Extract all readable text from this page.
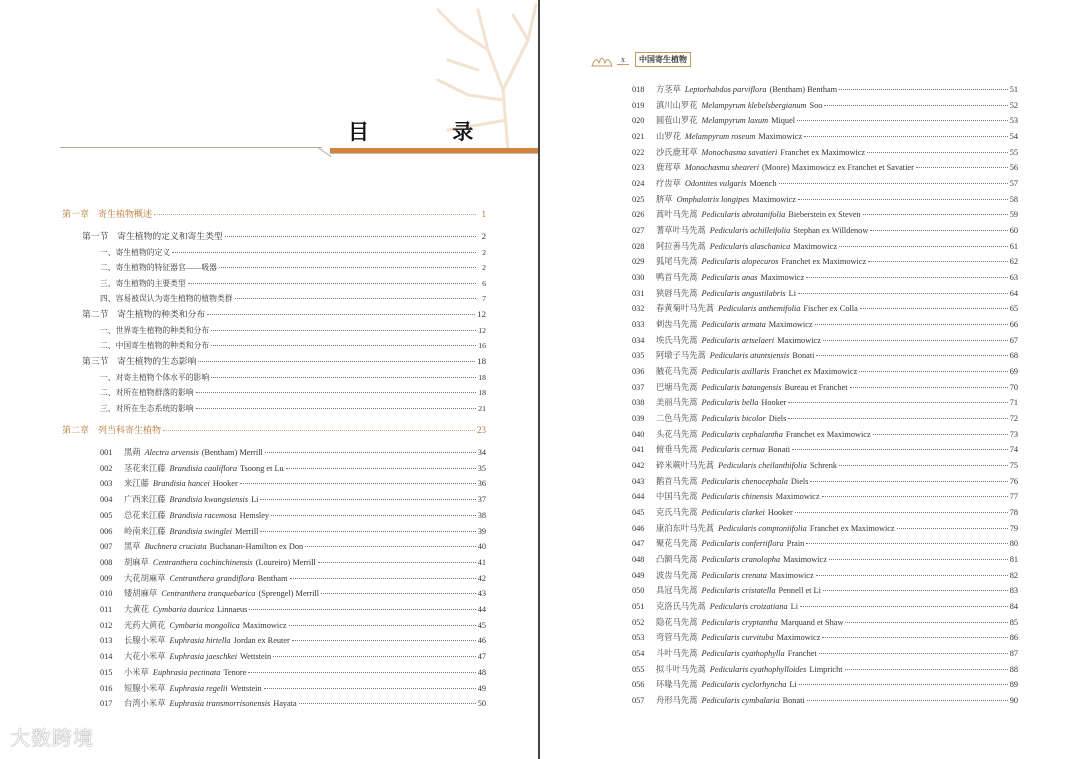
目 录
第一章　寄生植物概述	1
第一节　寄生植物的定义和寄生类型	2
一、寄生植物的定义	2
二、寄生植物的特征器官——吸器	2
三、寄生植物的主要类型	6
四、容易被误认为寄生植物的植物类群	7
第二节　寄生植物的种类和分布	12
一、世界寄生植物的种类和分布	12
二、中国寄生植物的种类和分布	16
第三节　寄生植物的生态影响	18
一、对寄主植物个体水平的影响	18
二、对所在植物群落的影响	18
三、对所在生态系统的影响	21
第二章　列当科寄生植物	23
001	黑蒴 Alectra arvensis (Bentham) Merrill	34
002	茎花来江藤 Brandisia cauliflora Tsoong et Lu	35
003	来江藤 Brandisia hancei Hooker	36
004	广西来江藤 Brandisia kwangsiensis Li	37
005	总花来江藤 Brandisia racemosa Hemsley	38
006	岭南来江藤 Brandisia swinglei Merrill	39
007	黑草 Buchnera cruciata Buchanan-Hamilton ex Don	40
008	胡麻草 Centranthera cochinchinensis (Loureiro) Merrill	41
009	大花胡麻草 Centranthera grandiflora Bentham	42
010	矮胡麻草 Centranthera tranquebarica (Sprengel) Merrill	43
011	大黄花 Cymbaria daurica Linnaeus	44
012	光药大黄花 Cymbaria mongolica Maximowicz	45
013	长腺小米草 Euphrasia hirtella Jordan ex Reuter	46
014	大花小米草 Euphrasia jaeschkei Wettstein	47
015	小米草 Euphrasia pectinata Tenore	48
016	短腺小米草 Euphrasia regelii Wettstein	49
017	台湾小米草 Euphrasia transmorrisonensis Hayata	50
x	中国寄生植物
018	方茎草 Leptorhabdos parviflora (Bentham) Bentham	51
019	滇川山罗花 Melampyrum klebelsbergianum Soo	52
020	圆苞山罗花 Melampyrum laxum Miquel	53
021	山罗花 Melampyrum roseum Maximowicz	54
022	沙氏鹿茸草 Monochasma savatieri Franchet ex Maximowicz	55
023	鹿茸草 Monochasma sheareri (Moore) Maximowicz ex Franchet et Savatier	56
024	疗齿草 Odontites vulgaris Moench	57
025	脐草 Omphalotrix longipes Maximowicz	58
026	蒿叶马先蒿 Pedicularis abrotanifolia Bieberstein ex Steven	59
027	蓍草叶马先蒿 Pedicularis achilleifolia Stephan ex Willdenow	60
028	阿拉善马先蒿 Pedicularis alaschanica Maximowicz	61
029	狐尾马先蒿 Pedicularis alopecuros Franchet ex Maximowicz	62
030	鸭首马先蒿 Pedicularis anas Maximowicz	63
031	狭唇马先蒿 Pedicularis angustilabris Li	64
032	春黄菊叶马先蒿 Pedicularis anthemifolia Fischer ex Colla	65
033	刺齿马先蒿 Pedicularis armata Maximowicz	66
034	埃氏马先蒿 Pedicularis artselaeri Maximowicz	67
035	阿墩子马先蒿 Pedicularis atuntsiensis Bonati	68
036	腋花马先蒿 Pedicularis axillaris Franchet ex Maximowicz	69
037	巴塘马先蒿 Pedicularis batangensis Bureau et Franchet	70
038	美丽马先蒿 Pedicularis bella Hooker	71
039	二色马先蒿 Pedicularis bicolor Diels	72
040	头花马先蒿 Pedicularis cephalantha Franchet ex Maximowicz	73
041	俯垂马先蒿 Pedicularis cernua Bonati	74
042	碎米蕨叶马先蒿 Pedicularis cheilanthifolia Schrenk	75
043	鹅首马先蒿 Pedicularis chenocephala Diels	76
044	中国马先蒿 Pedicularis chinensis Maximowicz	77
045	克氏马先蒿 Pedicularis clarkei Hooker	78
046	康泊东叶马先蒿 Pedicularis comptoniifolia Franchet ex Maximowicz	79
047	聚花马先蒿 Pedicularis confertiflora Prain	80
048	凸额马先蒿 Pedicularis cranolopha Maximowicz	81
049	波齿马先蒿 Pedicularis crenata Maximowicz	82
050	具冠马先蒿 Pedicularis cristatella Pennell et Li	83
051	克洛氏马先蒿 Pedicularis croizatiana Li	84
052	隐花马先蒿 Pedicularis cryptantha Marquand et Shaw	85
053	弯管马先蒿 Pedicularis curvituba Maximowicz	86
054	斗叶马先蒿 Pedicularis cyathophylla Franchet	87
055	拟斗叶马先蒿 Pedicularis cyathophylloides Limpricht	88
056	环喙马先蒿 Pedicularis cyclorhyncha Li	89
057	舟形马先蒿 Pedicularis cymbalaria Bonati	90
大数跨境
